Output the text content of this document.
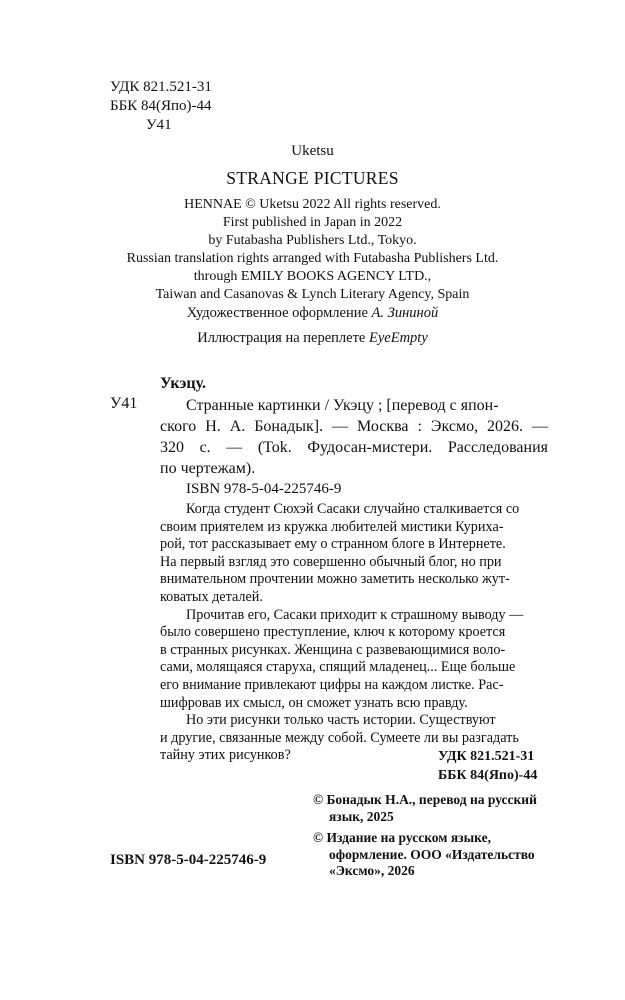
УДК 821.521-31
ББК 84(Япо)-44
У41
Uketsu
STRANGE PICTURES
HENNAE © Uketsu 2022 All rights reserved.
First published in Japan in 2022
by Futabasha Publishers Ltd., Tokyo.
Russian translation rights arranged with Futabasha Publishers Ltd.
through EMILY BOOKS AGENCY LTD.,
Taiwan and Casanovas & Lynch Literary Agency, Spain
Художественное оформление А. Зининой
Иллюстрация на переплете EyeEmpty
Укэцу.
У41	Странные картинки / Укэцу ; [перевод с япон-
ского Н. А. Бонадык]. — Москва : Эксмо, 2026. —
320 с. — (Tok. Фудосан-мистери. Расследования
по чертежам).
ISBN 978-5-04-225746-9
Когда студент Сюхэй Сасаки случайно сталкивается со
своим приятелем из кружка любителей мистики Курихa-
рой, тот рассказывает ему о странном блоге в Интернете.
На первый взгляд это совершенно обычный блог, но при
внимательном прочтении можно заметить несколько жут-
коватых деталей.
Прочитав его, Сасаки приходит к страшному выводу —
было совершено преступление, ключ к которому кроется
в странных рисунках. Женщина с развевающимися воло-
сами, молящаяся старуха, спящий младенец... Еще больше
его внимание привлекают цифры на каждом листке. Рас-
шифровав их смысл, он сможет узнать всю правду.
Но эти рисунки только часть истории. Существуют
и другие, связанные между собой. Сумеете ли вы разгадать
тайну этих рисунков?	УДК 821.521-31
ББК 84(Япо)-44
© Бонадык Н.А., перевод на русский
язык, 2025
© Издание на русском языке,
оформление. ООО «Издательство
«Эксмо», 2026
ISBN 978-5-04-225746-9
